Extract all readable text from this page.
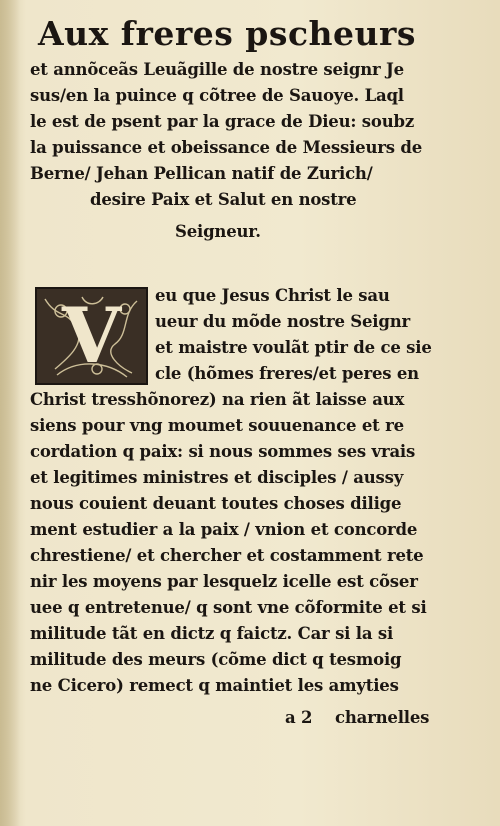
Aux freres pscheurs
et annõceãs Leuãgille de nostre seignr Je
sus/en la puince q cõtree de Sauoye. Laql
le est de psent par la grace de Dieu: soubz
la puissance et obeissance de Messieurs de
Berne/ Jehan Pellican natif de Zurich/
desire Paix et Salut en nostre
Seigneur.
V eu que Jesus Christ le sau
ueur du mõde nostre Seignr
et maistre voulãt ptir de ce sie
cle (hõmes freres/et peres en
Christ tresshõnorez) na rien ãt laisse aux
siens pour vng moumet souuenance et re
cordation q paix: si nous sommes ses vrais
et legitimes ministres et disciples / aussy
nous couient deuant toutes choses dilige
ment estudier a la paix / vnion et concorde
chrestiene/ et chercher et costamment rete
nir les moyens par lesquelz icelle est cõser
uee q entretenue/ q sont vne cõformite et si
militude tãt en dictz q faictz. Car si la si
militude des meurs (cõme dict q tesmoig
ne Cicero) remect q maintiet les amyties
a 2 charnelles
